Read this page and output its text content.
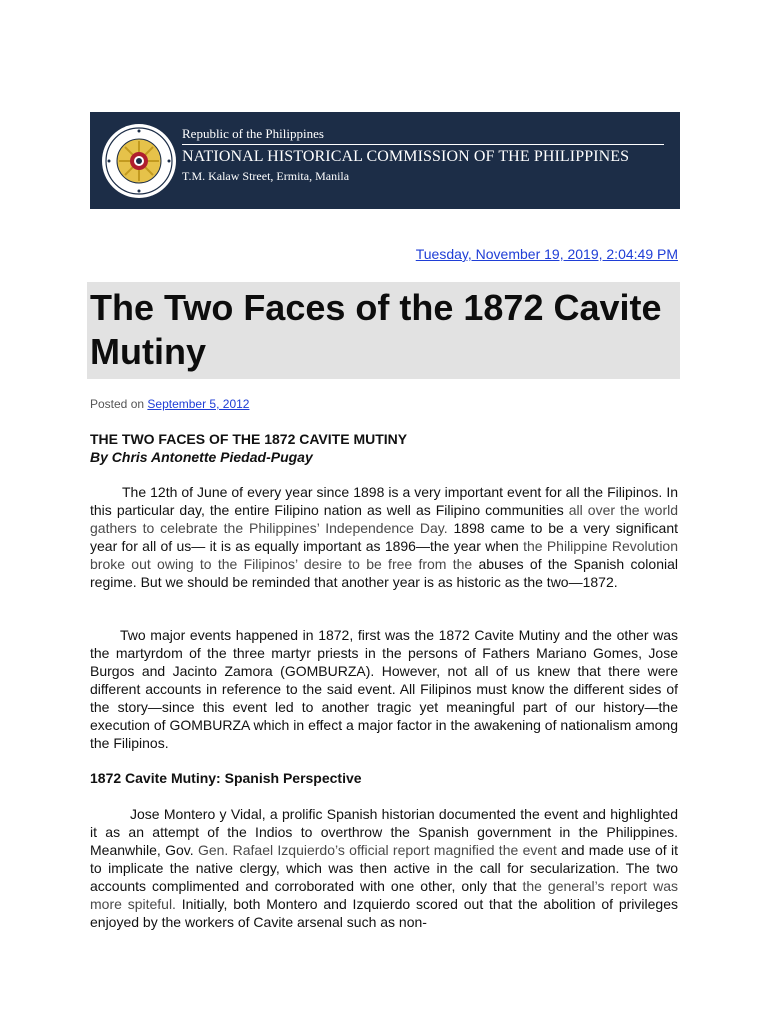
Republic of the Philippines
NATIONAL HISTORICAL COMMISSION OF THE PHILIPPINES
T.M. Kalaw Street, Ermita, Manila
Tuesday, November 19, 2019, 2:04:49 PM
The Two Faces of the 1872 Cavite Mutiny
Posted on September 5, 2012
THE TWO FACES OF THE 1872 CAVITE MUTINY
By Chris Antonette Piedad-Pugay

The 12th of June of every year since 1898 is a very important event for all the Filipinos. In this particular day, the entire Filipino nation as well as Filipino communities all over the world gathers to celebrate the Philippines’ Independence Day. 1898 came to be a very significant year for all of us— it is as equally important as 1896—the year when the Philippine Revolution broke out owing to the Filipinos’ desire to be free from the abuses of the Spanish colonial regime. But we should be reminded that another year is as historic as the two—1872.

Two major events happened in 1872, first was the 1872 Cavite Mutiny and the other was the martyrdom of the three martyr priests in the persons of Fathers Mariano Gomes, Jose Burgos and Jacinto Zamora (GOMBURZA). However, not all of us knew that there were different accounts in reference to the said event. All Filipinos must know the different sides of the story—since this event led to another tragic yet meaningful part of our history—the execution of GOMBURZA which in effect a major factor in the awakening of nationalism among the Filipinos.

1872 Cavite Mutiny: Spanish Perspective

Jose Montero y Vidal, a prolific Spanish historian documented the event and highlighted it as an attempt of the Indios to overthrow the Spanish government in the Philippines. Meanwhile, Gov. Gen. Rafael Izquierdo’s official report magnified the event and made use of it to implicate the native clergy, which was then active in the call for secularization. The two accounts complimented and corroborated with one other, only that the general’s report was more spiteful. Initially, both Montero and Izquierdo scored out that the abolition of privileges enjoyed by the workers of Cavite arsenal such as non-
